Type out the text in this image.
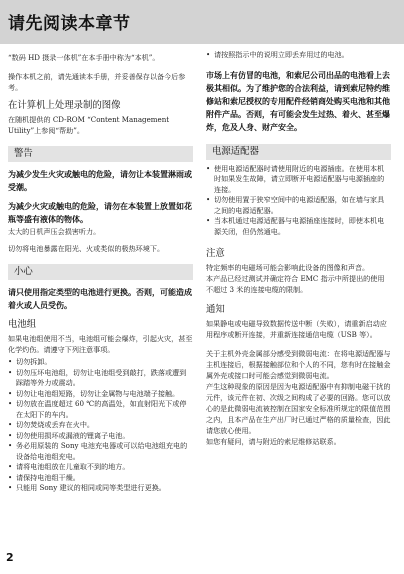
请先阅读本章节

“数码 HD 摄录一体机”在本手册中称为“本机”。

操作本机之前，请先通读本手册，并妥善保存以备今后参考。

在计算机上处理录制的图像

在随机提供的 CD-ROM “Content Management Utility”上参阅“帮助”。

警告

为减少发生火灾或触电的危险，请勿让本装置淋雨或受潮。

为减少火灾或触电的危险，请勿在本装置上放置如花瓶等盛有液体的物体。

太大的日机声压会损害听力。

切勿将电池暴露在阳光、火或类似的极热环境下。

小心

请只使用指定类型的电池进行更换。否则，可能造成着火或人员受伤。

电池组

如果电池组使用不当，电池组可能会爆炸，引起火灾，甚至化学灼伤。请遵守下列注意事项。

• 切勿拆卸。
• 切勿压坏电池组，切勿让电池组受到敲打，跌落或遭到踩踏等外力或震动。
• 切勿让电池组短路，切勿让金属物与电池端子接触。
• 切勿放在温度超过 60 ℃的高温处，如直射阳光下或停在太阳下的车内。
• 切勿焚烧或丢弃在火中。
• 切勿使用损坏或漏液的锂离子电池。
• 务必用原装的 Sony 电池充电器或可以给电池组充电的设备给电池组充电。
• 请将电池组放在儿童取不到的地方。
• 请保持电池组干燥。
• 只能用 Sony 建议的相同或同等类型进行更换。
• 请按照指示中的说明立即丢弃用过的电池。

市场上有仿冒的电池，和索尼公司出品的电池看上去极其相似。为了维护您的合法利益，请到索尼特约维修站和索尼授权的专用配件经销商处购买电池和其他附件产品。否则，有可能会发生过热、着火、甚至爆炸，危及人身、财产安全。

电源适配器
• 使用电源适配器时请使用附近的电源插座。在使用本机时如果发生故障，请立即断开电源适配器与电源插座的连接。
• 切勿使用置于狭窄空间中的电源适配器，如在墙与家具之间的电源适配器。
• 当本机通过电源适配器与电源插座连接时，即使本机电源关闭，但仍然通电。
注意

特定频率的电磁场可能会影响此设备的图像和声音。

本产品已经过测试并确定符合 EMC 指示中所提出的使用不超过 3 米的连接电缆的限制。

通知

如果静电或电磁导致数据传送中断（失败），请重新启动应用程序或断开连接，并重新连接通信电缆（USB 等）。

关于主机外壳金属部分感受到微弱电流：在将电源适配器与主机连接后，根据接触部位和个人的不同，您有时在接触金属外壳或接口时可能会感觉到微弱电流。

产生这种现象的原因是因为电源适配器中有抑制电磁干扰的元件，该元件在初、次级之间构成了必要的回路。您可以放心的是此微弱电流被控制在国家安全标准所规定的限值范围之内，且本产品在生产出厂时已通过严格的质量检查，因此请您放心使用。

如您有疑问，请与附近的索尼维修站联系。

2
